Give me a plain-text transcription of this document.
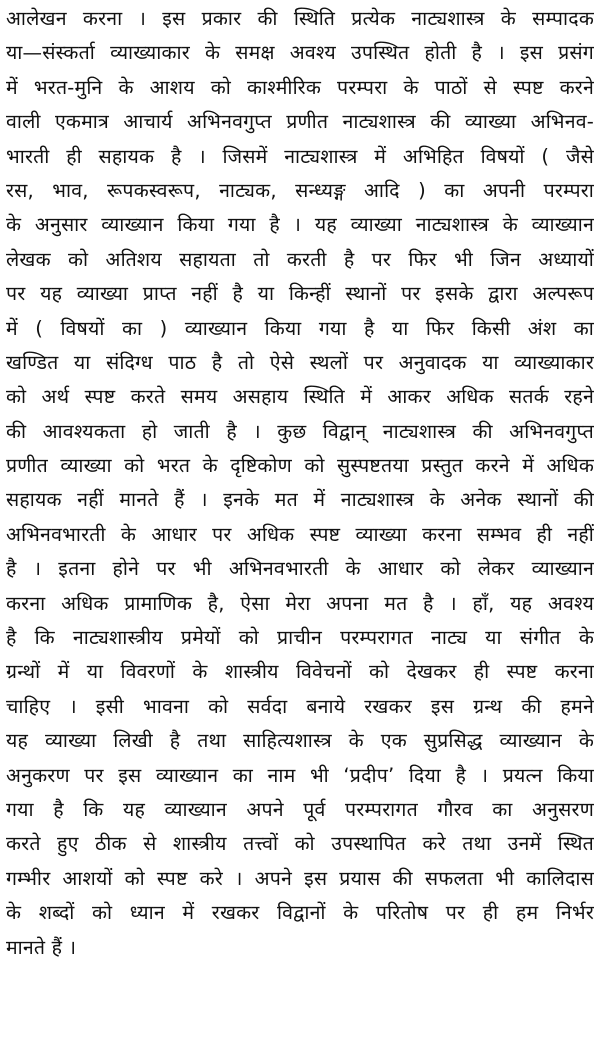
आलेखन करना । इस प्रकार की स्थिति प्रत्येक नाट्यशास्त्र के सम्पादक
या—संस्कर्ता व्याख्याकार के समक्ष अवश्य उपस्थित होती है । इस प्रसंग
में भरत-मुनि के आशय को काश्मीरिक परम्परा के पाठों से स्पष्ट करने
वाली एकमात्र आचार्य अभिनवगुप्त प्रणीत नाट्यशास्त्र की व्याख्या अभिनव-
भारती ही सहायक है । जिसमें नाट्यशास्त्र में अभिहित विषयों ( जैसे
रस, भाव, रूपकस्वरूप, नाट्यक, सन्ध्यङ्ग आदि ) का अपनी परम्परा
के अनुसार व्याख्यान किया गया है । यह व्याख्या नाट्यशास्त्र के व्याख्यान
लेखक को अतिशय सहायता तो करती है पर फिर भी जिन अध्यायों
पर यह व्याख्या प्राप्त नहीं है या किन्हीं स्थानों पर इसके द्वारा अल्परूप
में ( विषयों का ) व्याख्यान किया गया है या फिर किसी अंश का
खण्डित या संदिग्ध पाठ है तो ऐसे स्थलों पर अनुवादक या व्याख्याकार
को अर्थ स्पष्ट करते समय असहाय स्थिति में आकर अधिक सतर्क रहने
की आवश्यकता हो जाती है । कुछ विद्वान् नाट्यशास्त्र की अभिनवगुप्त
प्रणीत व्याख्या को भरत के दृष्टिकोण को सुस्पष्टतया प्रस्तुत करने में अधिक
सहायक नहीं मानते हैं । इनके मत में नाट्यशास्त्र के अनेक स्थानों की
अभिनवभारती के आधार पर अधिक स्पष्ट व्याख्या करना सम्भव ही नहीं
है । इतना होने पर भी अभिनवभारती के आधार को लेकर व्याख्यान
करना अधिक प्रामाणिक है, ऐसा मेरा अपना मत है । हाँ, यह अवश्य
है कि नाट्यशास्त्रीय प्रमेयों को प्राचीन परम्परागत नाट्य या संगीत के
ग्रन्थों में या विवरणों के शास्त्रीय विवेचनों को देखकर ही स्पष्ट करना
चाहिए । इसी भावना को सर्वदा बनाये रखकर इस ग्रन्थ की हमने
यह व्याख्या लिखी है तथा साहित्यशास्त्र के एक सुप्रसिद्ध व्याख्यान के
अनुकरण पर इस व्याख्यान का नाम भी ‘प्रदीप’ दिया है । प्रयत्न किया
गया है कि यह व्याख्यान अपने पूर्व परम्परागत गौरव का अनुसरण
करते हुए ठीक से शास्त्रीय तत्त्वों को उपस्थापित करे तथा उनमें स्थित
गम्भीर आशयों को स्पष्ट करे । अपने इस प्रयास की सफलता भी कालिदास
के शब्दों को ध्यान में रखकर विद्वानों के परितोष पर ही हम निर्भर
मानते हैं ।
